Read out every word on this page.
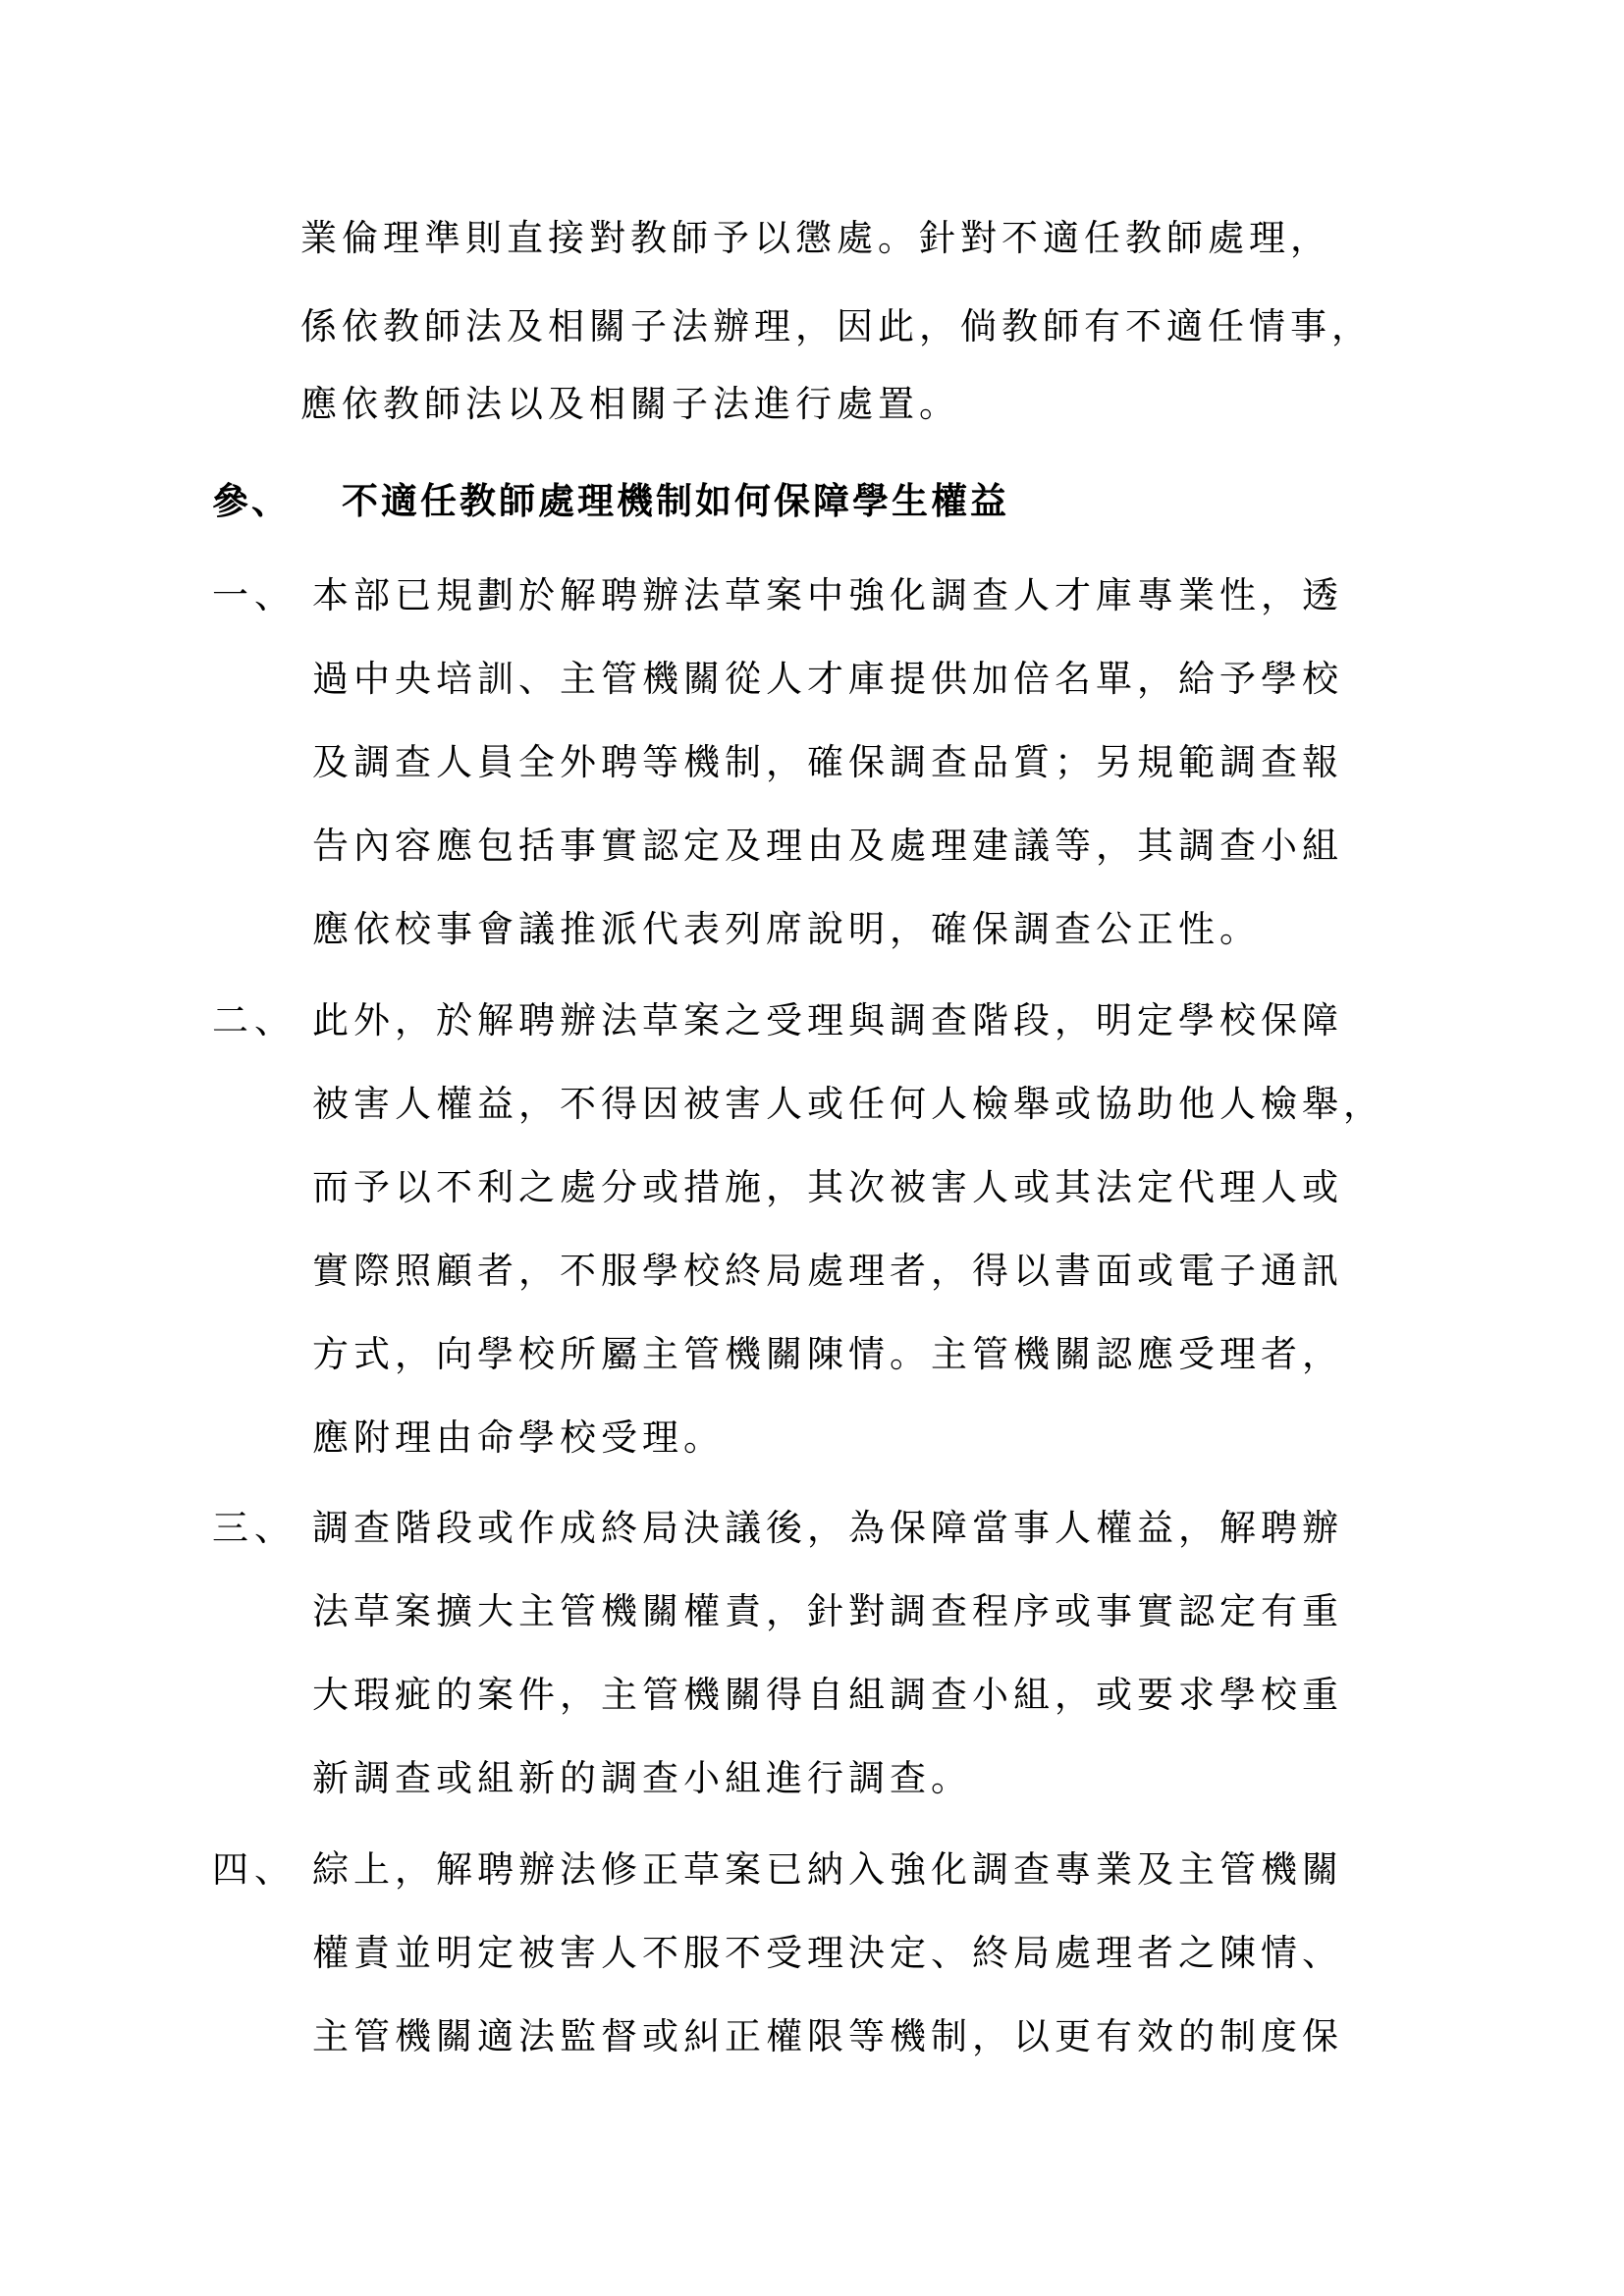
業倫理準則直接對教師予以懲處。針對不適任教師處理，
係依教師法及相關子法辦理，因此，倘教師有不適任情事，
應依教師法以及相關子法進行處置。
參、 不適任教師處理機制如何保障學生權益
一、 本部已規劃於解聘辦法草案中強化調查人才庫專業性，透
過中央培訓、主管機關從人才庫提供加倍名單，給予學校
及調查人員全外聘等機制，確保調查品質；另規範調查報
告內容應包括事實認定及理由及處理建議等，其調查小組
應依校事會議推派代表列席說明，確保調查公正性。
二、 此外，於解聘辦法草案之受理與調查階段，明定學校保障
被害人權益，不得因被害人或任何人檢舉或協助他人檢舉，
而予以不利之處分或措施，其次被害人或其法定代理人或
實際照顧者，不服學校終局處理者，得以書面或電子通訊
方式，向學校所屬主管機關陳情。主管機關認應受理者，
應附理由命學校受理。
三、 調查階段或作成終局決議後，為保障當事人權益，解聘辦
法草案擴大主管機關權責，針對調查程序或事實認定有重
大瑕疵的案件，主管機關得自組調查小組，或要求學校重
新調查或組新的調查小組進行調查。
四、 綜上，解聘辦法修正草案已納入強化調查專業及主管機關
權責並明定被害人不服不受理決定、終局處理者之陳情、
主管機關適法監督或糾正權限等機制，以更有效的制度保
